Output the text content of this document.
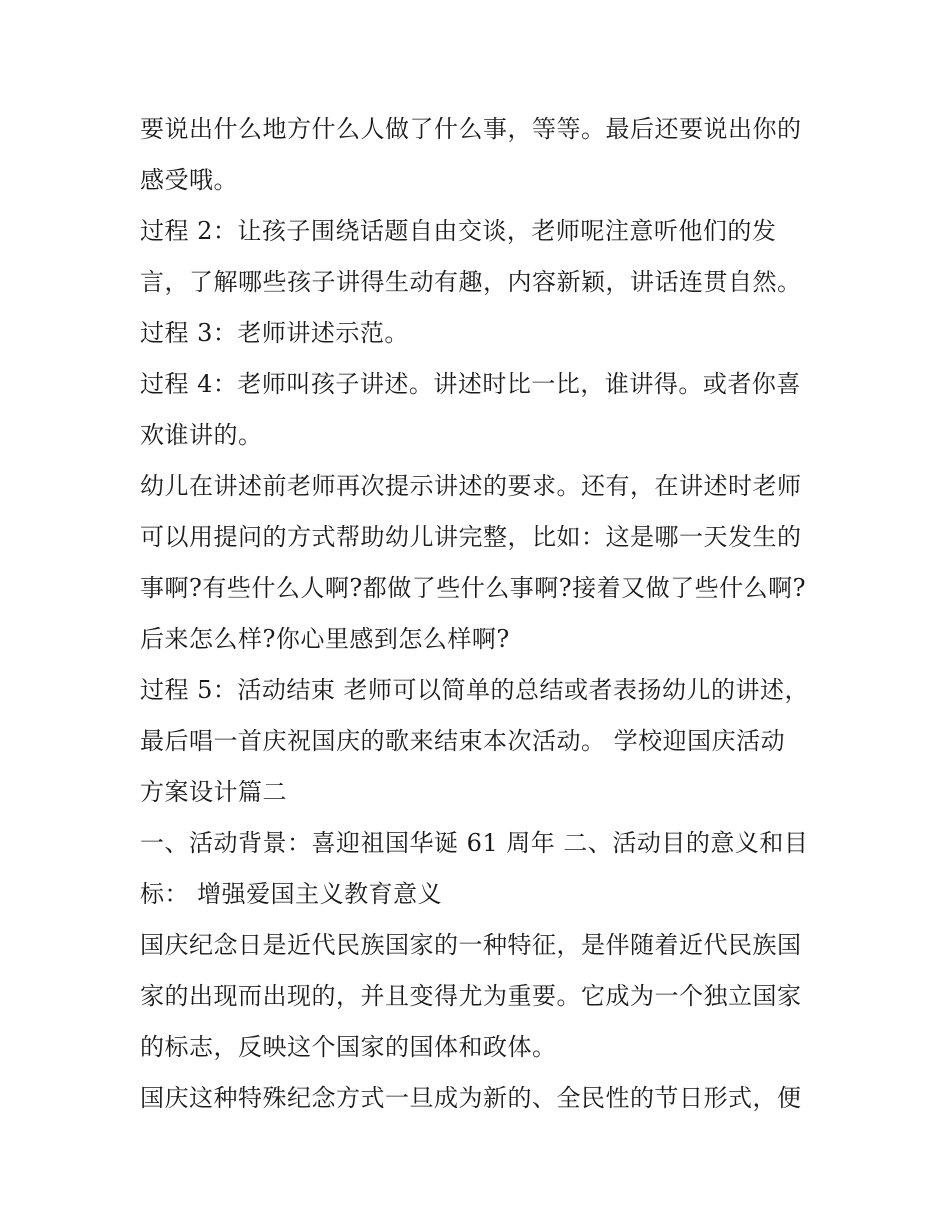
要说出什么地方什么人做了什么事，等等。最后还要说出你的
感受哦。
过程 2：让孩子围绕话题自由交谈，老师呢注意听他们的发
言，了解哪些孩子讲得生动有趣，内容新颖，讲话连贯自然。
过程 3：老师讲述示范。
过程 4：老师叫孩子讲述。讲述时比一比，谁讲得。或者你喜
欢谁讲的。
幼儿在讲述前老师再次提示讲述的要求。还有，在讲述时老师
可以用提问的方式帮助幼儿讲完整，比如：这是哪一天发生的
事啊?有些什么人啊?都做了些什么事啊?接着又做了些什么啊?
后来怎么样?你心里感到怎么样啊?
过程 5：活动结束 老师可以简单的总结或者表扬幼儿的讲述，
最后唱一首庆祝国庆的歌来结束本次活动。 学校迎国庆活动
方案设计篇二
一、活动背景：喜迎祖国华诞 61 周年 二、活动目的意义和目
标： 增强爱国主义教育意义
国庆纪念日是近代民族国家的一种特征，是伴随着近代民族国
家的出现而出现的，并且变得尤为重要。它成为一个独立国家
的标志，反映这个国家的国体和政体。
国庆这种特殊纪念方式一旦成为新的、全民性的节日形式，便
